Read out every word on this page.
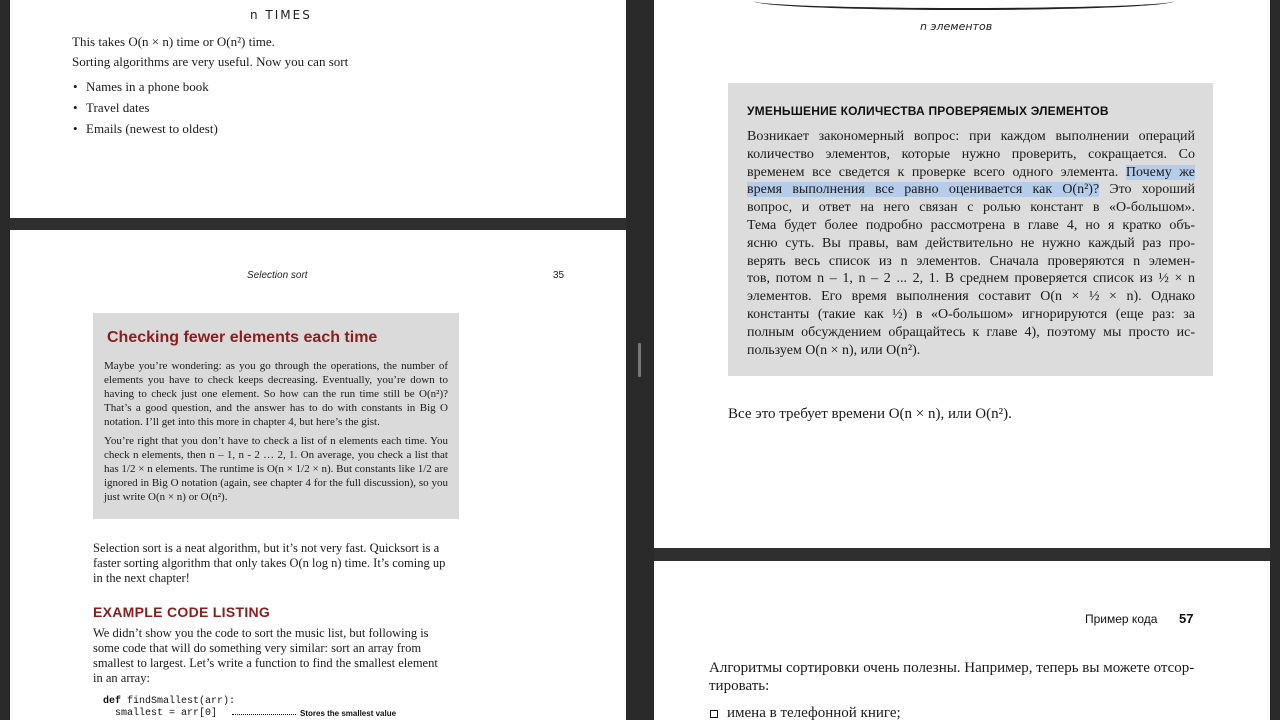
n TIMES
This takes O(n × n) time or O(n²) time.
Sorting algorithms are very useful. Now you can sort
• Names in a phone book
• Travel dates
• Emails (newest to oldest)
Selection sort	35
Checking fewer elements each time

Maybe you’re wondering: as you go through the operations, the number of elements you have to check keeps decreasing. Eventually, you’re down to having to check just one element. So how can the run time still be O(n²)? That’s a good question, and the answer has to do with constants in Big O notation. I’ll get into this more in chapter 4, but here’s the gist.

You’re right that you don’t have to check a list of n elements each time. You check n elements, then n – 1, n - 2 … 2, 1. On average, you check a list that has 1/2 × n elements. The runtime is O(n × 1/2 × n). But constants like 1/2 are ignored in Big O notation (again, see chapter 4 for the full discussion), so you just write O(n × n) or O(n²).

Selection sort is a neat algorithm, but it’s not very fast. Quicksort is a faster sorting algorithm that only takes O(n log n) time. It’s coming up in the next chapter!
EXAMPLE CODE LISTING
We didn’t show you the code to sort the music list, but following is some code that will do something very similar: sort an array from smallest to largest. Let’s write a function to find the smallest element in an array:
def findSmallest(arr):
smallest = arr[0]	Stores the smallest value
n элементов
УМЕНЬШЕНИЕ КОЛИЧЕСТВА ПРОВЕРЯЕМЫХ ЭЛЕМЕНТОВ
Возникает закономерный вопрос: при каждом выполнении операций
количество элементов, которые нужно проверить, сокращается. Со
временем все сведется к проверке всего одного элемента. Почему же
время выполнения все равно оценивается как O(n²)? Это хороший
вопрос, и ответ на него связан с ролью констант в «О-большом».
Тема будет более подробно рассмотрена в главе 4, но я кратко объ-
ясню суть. Вы правы, вам действительно не нужно каждый раз про-
верять весь список из n элементов. Сначала проверяются n элемен-
тов, потом n – 1, n – 2 ... 2, 1. В среднем проверяется список из ½ × n
элементов. Его время выполнения составит O(n × ½ × n). Однако
константы (такие как ½) в «О-большом» игнорируются (еще раз: за
полным обсуждением обращайтесь к главе 4), поэтому мы просто ис-
пользуем O(n × n), или O(n²).
Все это требует времени O(n × n), или O(n²).
Пример кода 57
Алгоритмы сортировки очень полезны. Например, теперь вы можете отсор-
тировать:
имена в телефонной книге;
